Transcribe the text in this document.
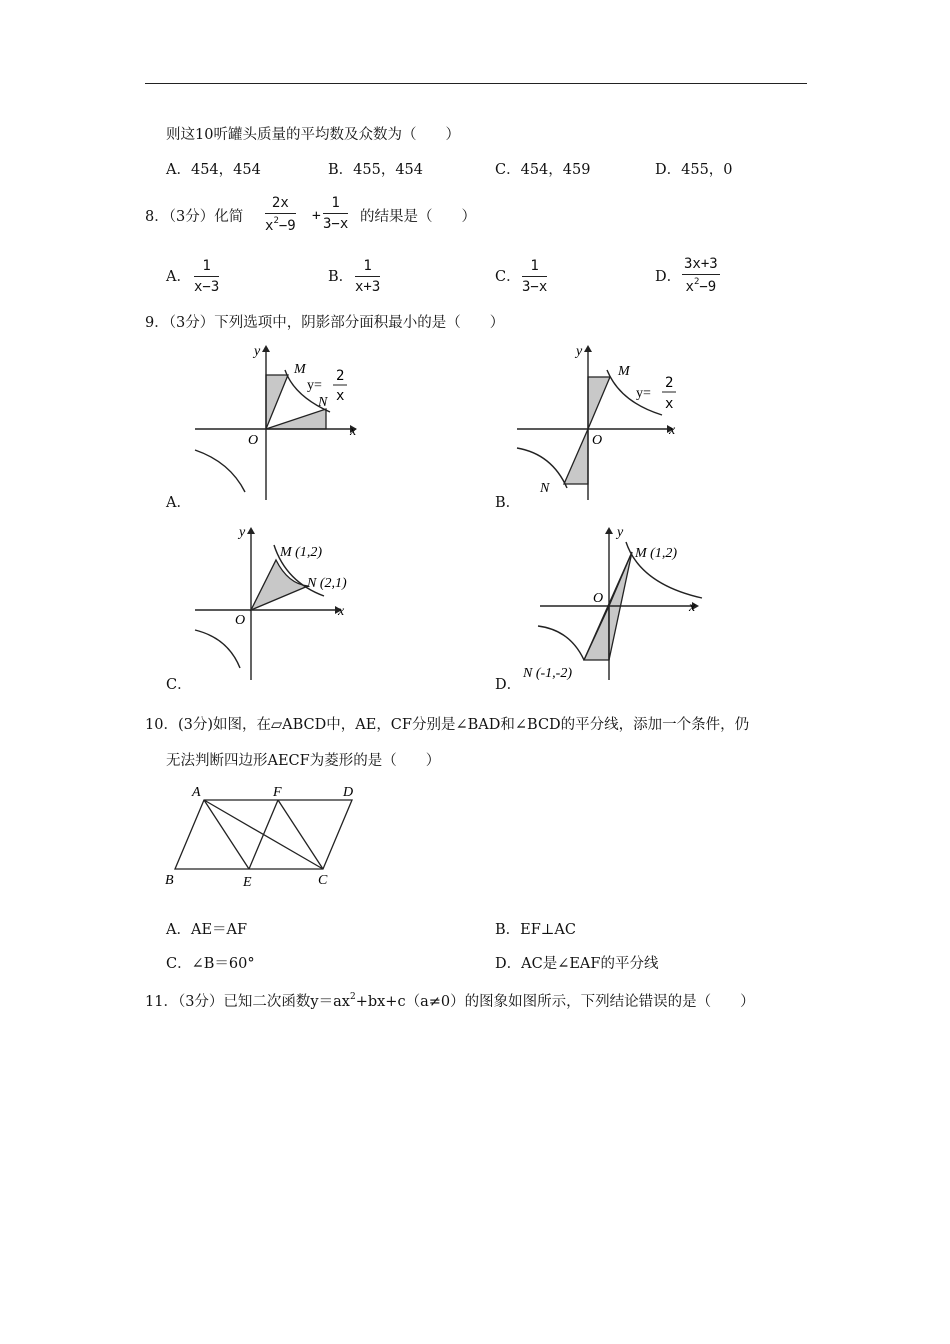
则这10听罐头质量的平均数及众数为（　　）
A．454，454	B．455，454	C．454，459	D．455，0
8．（3分）化简 $\frac{2x}{x^2-9} + \frac{1}{3-x}$ 的结果是（　　）
A． $\frac{1}{x-3}$	B． $\frac{1}{x+3}$	C． $\frac{1}{3-x}$	D． $\frac{3x+3}{x^2-9}$
9．（3分）下列选项中，阴影部分面积最小的是（　　）
y
x
O
M
N
y=
2
x
A．
y
x
O
M
N
y=
2
x
B．
y
x
O
M (1,2)
N (2,1)
C．
y
x
O
M (1,2)
N (-1,-2)
D．
10．(3分)如图，在▱ABCD中，AE，CF分别是∠BAD和∠BCD的平分线，添加一个条件，仍
无法判断四边形AECF为菱形的是（　　）
A	F	D
B	E	C
A．AE＝AF	B．EF⊥AC
C．∠B＝60°	D．AC是∠EAF的平分线
11．（3分）已知二次函数$y=ax^2+bx+c(a\ne 0)$的图象如图所示，下列结论错误的是（　　）
